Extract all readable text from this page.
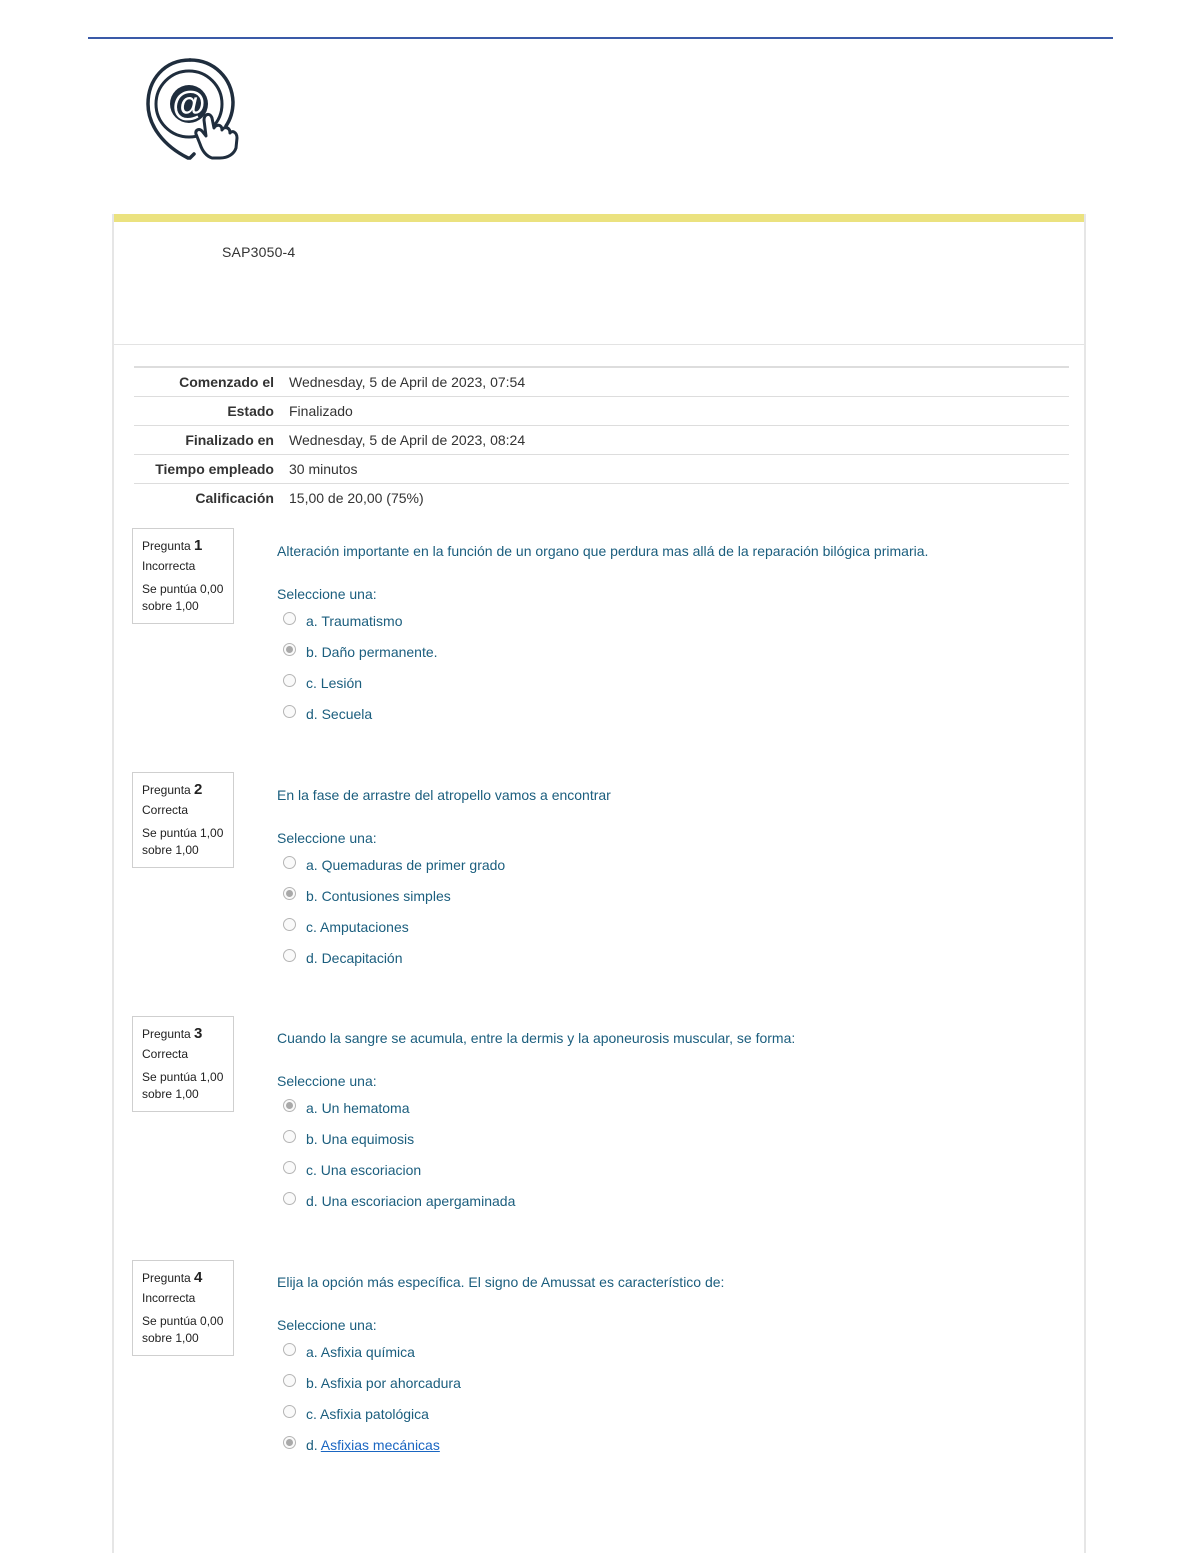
@
SAP3050-4
Comenzado el	Wednesday, 5 de April de 2023, 07:54
Estado	Finalizado
Finalizado en	Wednesday, 5 de April de 2023, 08:24
Tiempo empleado	30 minutos
Calificación	15,00 de 20,00 (75%)
Pregunta 1
Incorrecta
Se puntúa 0,00 sobre 1,00
Alteración importante en la función de un organo que perdura mas allá de la reparación bilógica primaria.
Seleccione una:
a. Traumatismo
b. Daño permanente.
c. Lesión
d. Secuela
Pregunta 2
Correcta
Se puntúa 1,00 sobre 1,00
En la fase de arrastre del atropello vamos a encontrar
Seleccione una:
a. Quemaduras de primer grado
b. Contusiones simples
c. Amputaciones
d. Decapitación
Pregunta 3
Correcta
Se puntúa 1,00 sobre 1,00
Cuando la sangre se acumula, entre la dermis y la aponeurosis muscular, se forma:
Seleccione una:
a. Un hematoma
b. Una equimosis
c. Una escoriacion
d. Una escoriacion apergaminada
Pregunta 4
Incorrecta
Se puntúa 0,00 sobre 1,00
Elija la opción más específica. El signo de Amussat es característico de:
Seleccione una:
a. Asfixia química
b. Asfixia por ahorcadura
c. Asfixia patológica
d. Asfixias mecánicas
